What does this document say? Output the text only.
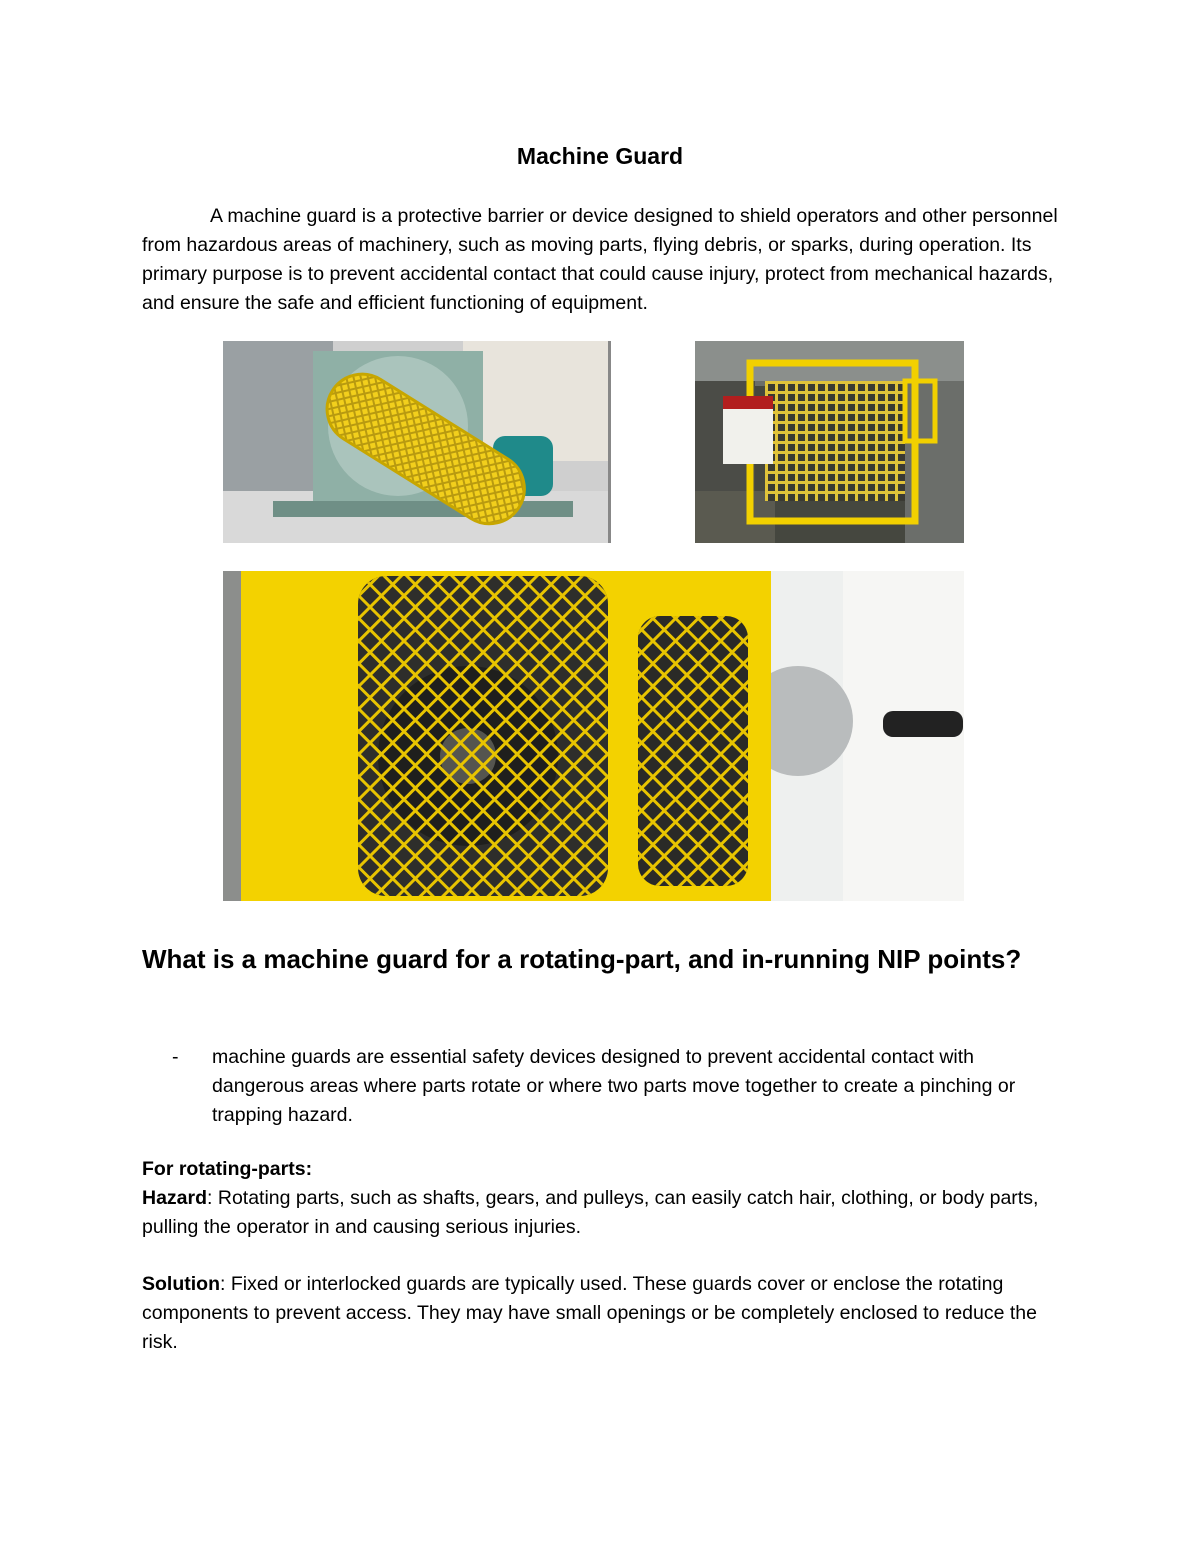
Machine Guard

A machine guard is a protective barrier or device designed to shield operators and other personnel from hazardous areas of machinery, such as moving parts, flying debris, or sparks, during operation. Its primary purpose is to prevent accidental contact that could cause injury, protect from mechanical hazards, and ensure the safe and efficient functioning of equipment.

What is a machine guard for a rotating-part, and in-running NIP points?
- machine guards are essential safety devices designed to prevent accidental contact with dangerous areas where parts rotate or where two parts move together to create a pinching or trapping hazard.
For rotating-parts:
Hazard: Rotating parts, such as shafts, gears, and pulleys, can easily catch hair, clothing, or body parts, pulling the operator in and causing serious injuries.
Solution: Fixed or interlocked guards are typically used. These guards cover or enclose the rotating components to prevent access. They may have small openings or be completely enclosed to reduce the risk.
